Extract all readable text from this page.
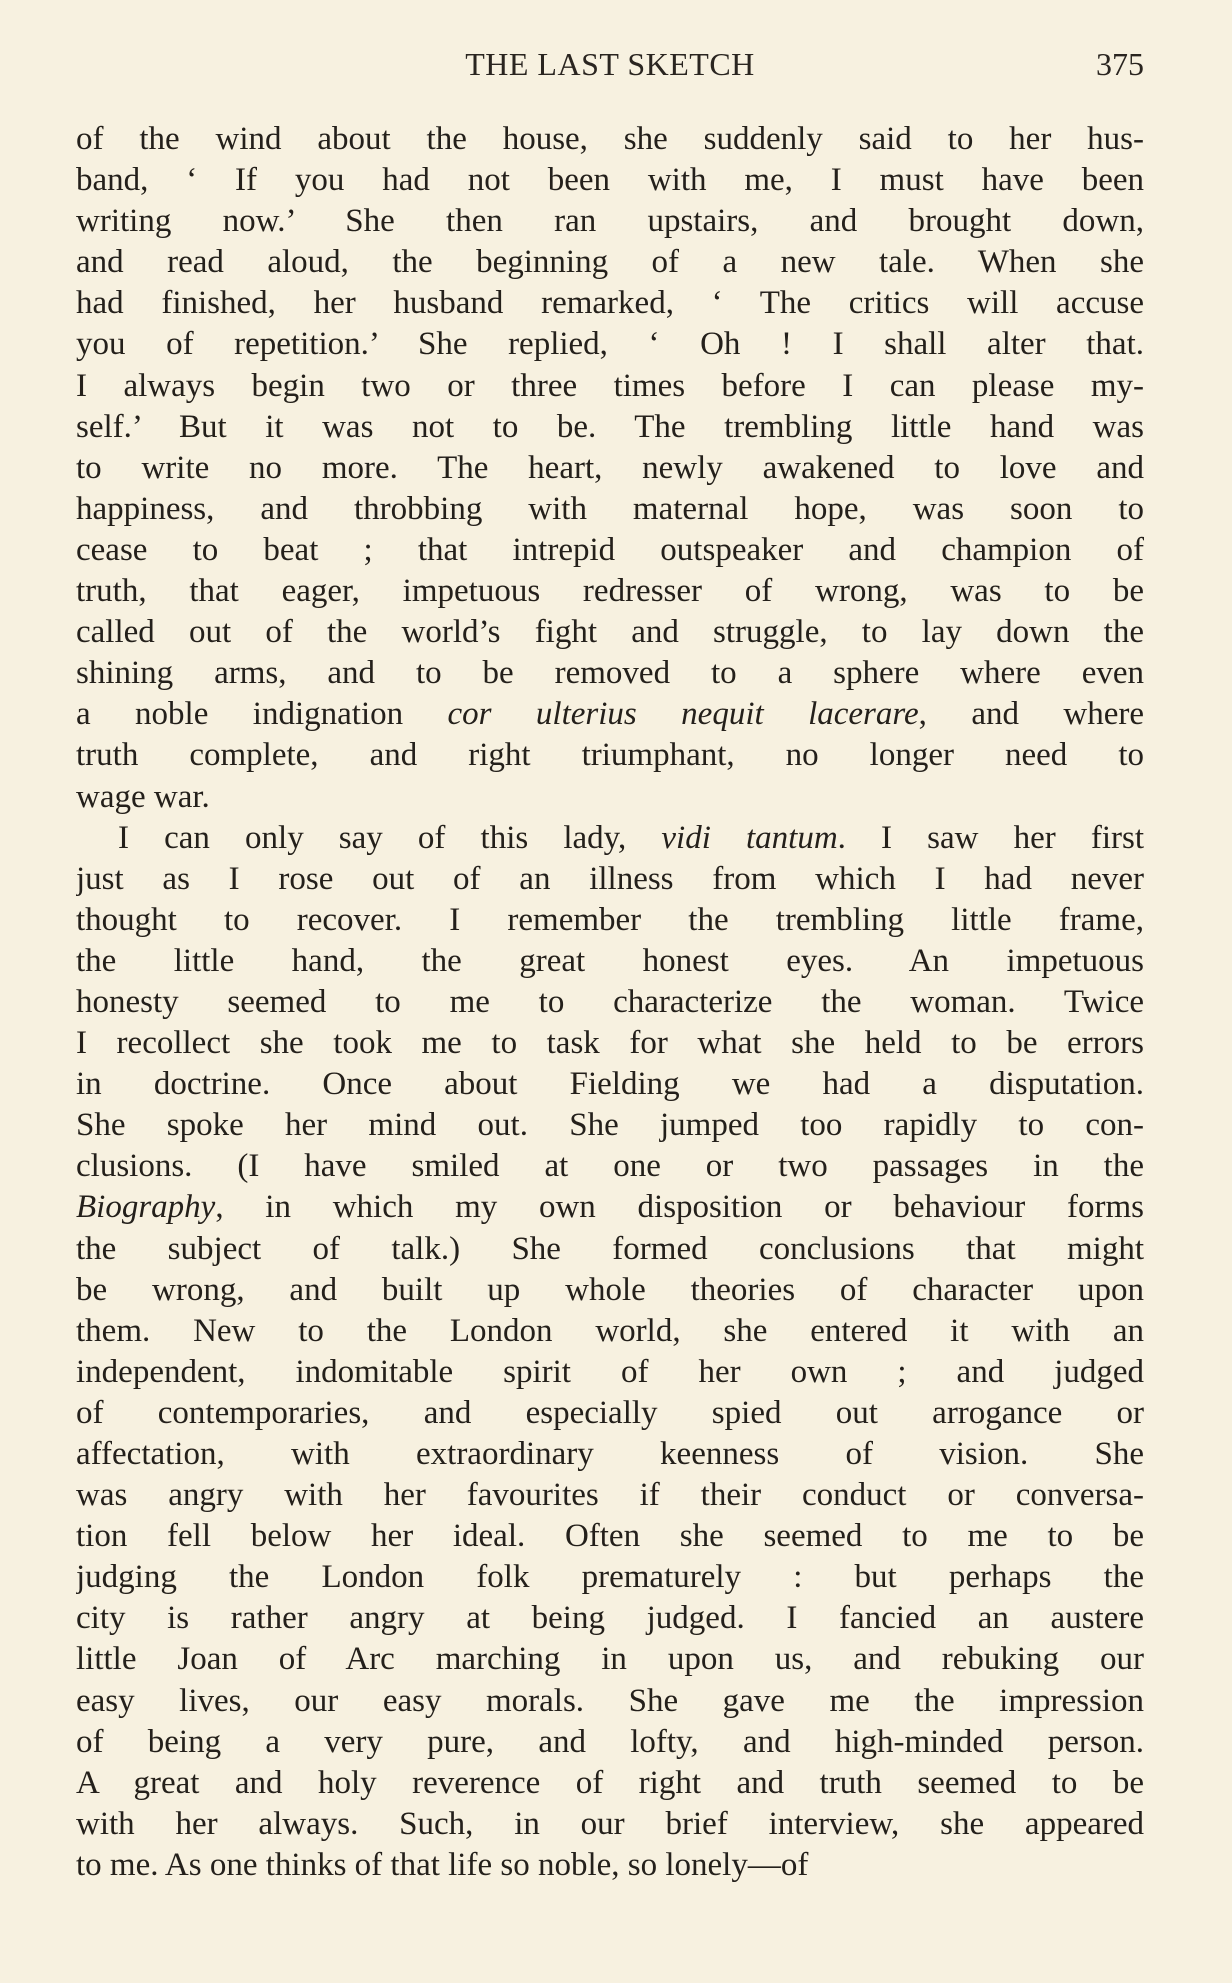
THE LAST SKETCH	375
of the wind about the house, she suddenly said to her hus-
band, ‘ If you had not been with me, I must have been
writing now.’ She then ran upstairs, and brought down,
and read aloud, the beginning of a new tale. When she
had finished, her husband remarked, ‘ The critics will accuse
you of repetition.’ She replied, ‘ Oh ! I shall alter that.
I always begin two or three times before I can please my-
self.’ But it was not to be. The trembling little hand was
to write no more. The heart, newly awakened to love and
happiness, and throbbing with maternal hope, was soon to
cease to beat ; that intrepid outspeaker and champion of
truth, that eager, impetuous redresser of wrong, was to be
called out of the world’s fight and struggle, to lay down the
shining arms, and to be removed to a sphere where even
a noble indignation cor ulterius nequit lacerare, and where
truth complete, and right triumphant, no longer need to
wage war.
I can only say of this lady, vidi tantum. I saw her first
just as I rose out of an illness from which I had never
thought to recover. I remember the trembling little frame,
the little hand, the great honest eyes. An impetuous
honesty seemed to me to characterize the woman. Twice
I recollect she took me to task for what she held to be errors
in doctrine. Once about Fielding we had a disputation.
She spoke her mind out. She jumped too rapidly to con-
clusions. (I have smiled at one or two passages in the
Biography, in which my own disposition or behaviour forms
the subject of talk.) She formed conclusions that might
be wrong, and built up whole theories of character upon
them. New to the London world, she entered it with an
independent, indomitable spirit of her own ; and judged
of contemporaries, and especially spied out arrogance or
affectation, with extraordinary keenness of vision. She
was angry with her favourites if their conduct or conversa-
tion fell below her ideal. Often she seemed to me to be
judging the London folk prematurely : but perhaps the
city is rather angry at being judged. I fancied an austere
little Joan of Arc marching in upon us, and rebuking our
easy lives, our easy morals. She gave me the impression
of being a very pure, and lofty, and high-minded person.
A great and holy reverence of right and truth seemed to be
with her always. Such, in our brief interview, she appeared
to me. As one thinks of that life so noble, so lonely—of
